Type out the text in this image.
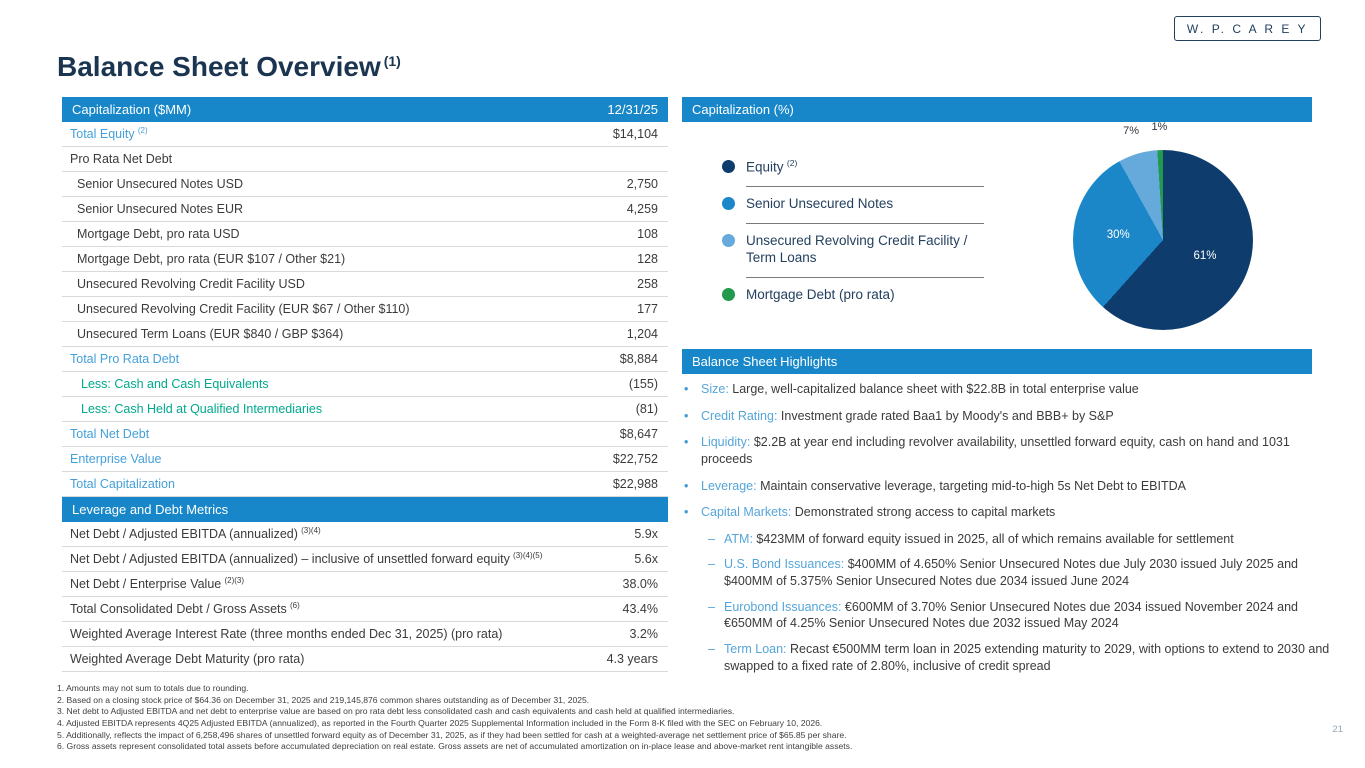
W. P. C A R E Y
Balance Sheet Overview $^{(1)}$
Capitalization ($MM)	12/31/25
Total Equity $^{(2)}$	$14,104
Pro Rata Net Debt
Senior Unsecured Notes USD	2,750
Senior Unsecured Notes EUR	4,259
Mortgage Debt, pro rata USD	108
Mortgage Debt, pro rata (EUR $107 / Other $21)	128
Unsecured Revolving Credit Facility USD	258
Unsecured Revolving Credit Facility (EUR $67 / Other $110)	177
Unsecured Term Loans (EUR $840 / GBP $364)	1,204
Total Pro Rata Debt	$8,884
Less: Cash and Cash Equivalents	(155)
Less: Cash Held at Qualified Intermediaries	(81)
Total Net Debt	$8,647
Enterprise Value	$22,752
Total Capitalization	$22,988
Leverage and Debt Metrics
Net Debt / Adjusted EBITDA (annualized) $^{(3)(4)}$	5.9x
Net Debt / Adjusted EBITDA (annualized) – inclusive of unsettled forward equity $^{(3)(4)(5)}$	5.6x
Net Debt / Enterprise Value $^{(2)(3)}$	38.0%
Total Consolidated Debt / Gross Assets $^{(6)}$	43.4%
Weighted Average Interest Rate (three months ended Dec 31, 2025) (pro rata)	3.2%
Weighted Average Debt Maturity (pro rata)	4.3 years
Capitalization (%)
Equity $^{(2)}$
Senior Unsecured Notes
Unsecured Revolving Credit Facility / Term Loans
Mortgage Debt (pro rata)
61%
30%
7% 1%
Balance Sheet Highlights
•	Size: Large, well-capitalized balance sheet with $22.8B in total enterprise value
•	Credit Rating: Investment grade rated Baa1 by Moody's and BBB+ by S&P
•	Liquidity: $2.2B at year end including revolver availability, unsettled forward equity, cash on hand and 1031 proceeds
•	Leverage: Maintain conservative leverage, targeting mid-to-high 5s Net Debt to EBITDA
•	Capital Markets: Demonstrated strong access to capital markets
– ATM: $423MM of forward equity issued in 2025, all of which remains available for settlement
– U.S. Bond Issuances: $400MM of 4.650% Senior Unsecured Notes due July 2030 issued July 2025 and $400MM of 5.375% Senior Unsecured Notes due 2034 issued June 2024
– Eurobond Issuances: €600MM of 3.70% Senior Unsecured Notes due 2034 issued November 2024 and €650MM of 4.25% Senior Unsecured Notes due 2032 issued May 2024
– Term Loan: Recast €500MM term loan in 2025 extending maturity to 2029, with options to extend to 2030 and swapped to a fixed rate of 2.80%, inclusive of credit spread
1. Amounts may not sum to totals due to rounding.
2. Based on a closing stock price of $64.36 on December 31, 2025 and 219,145,876 common shares outstanding as of December 31, 2025.
3. Net debt to Adjusted EBITDA and net debt to enterprise value are based on pro rata debt less consolidated cash and cash equivalents and cash held at qualified intermediaries.
4. Adjusted EBITDA represents 4Q25 Adjusted EBITDA (annualized), as reported in the Fourth Quarter 2025 Supplemental Information included in the Form 8-K filed with the SEC on February 10, 2026.
5. Additionally, reflects the impact of 6,258,496 shares of unsettled forward equity as of December 31, 2025, as if they had been settled for cash at a weighted-average net settlement price of $65.85 per share.
6. Gross assets represent consolidated total assets before accumulated depreciation on real estate. Gross assets are net of accumulated amortization on in-place lease and above-market rent intangible assets.
21
